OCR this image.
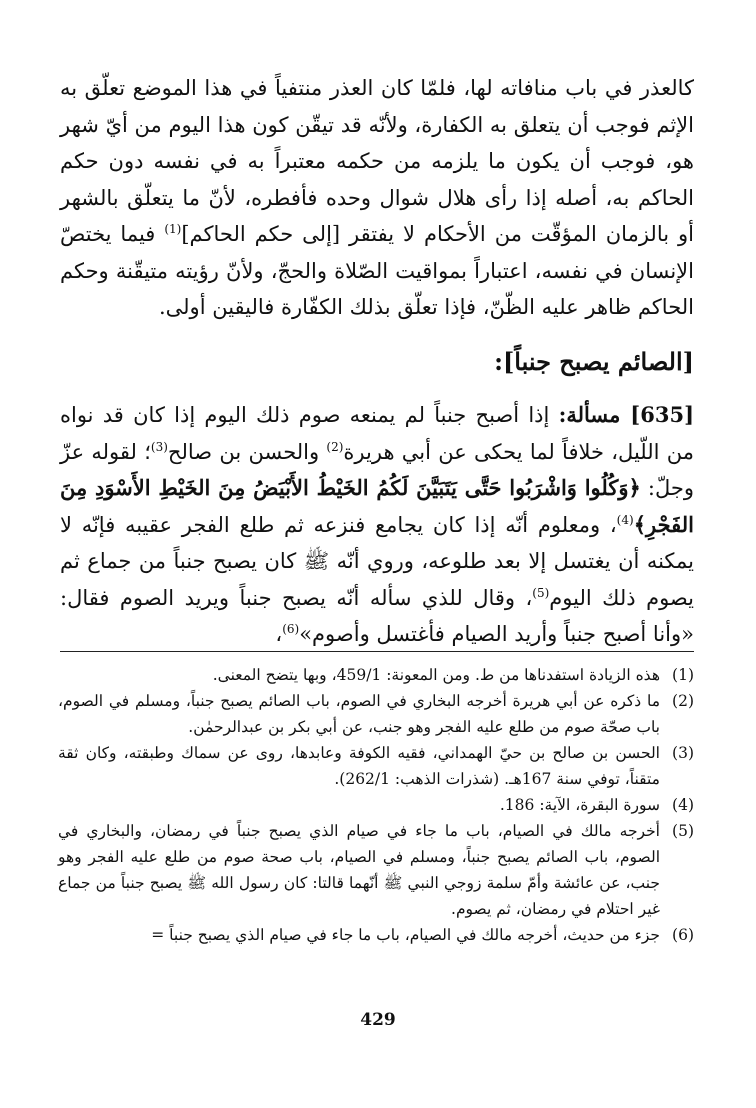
كالعذر في باب منافاته لها، فلمّا كان العذر منتفياً في هذا الموضع تعلّق به الإثم فوجب أن يتعلق به الكفارة، ولأنّه قد تيقّن كون هذا اليوم من أيّ شهر هو، فوجب أن يكون ما يلزمه من حكمه معتبراً به في نفسه دون حكم الحاكم به، أصله إذا رأى هلال شوال وحده فأفطره، لأنّ ما يتعلّق بالشهر أو بالزمان المؤقّت من الأحكام لا يفتقر [إلى حكم الحاكم]$^{(1)}$ فيما يختصّ الإنسان في نفسه، اعتباراً بمواقيت الصّلاة والحجّ، ولأنّ رؤيته متيقّنة وحكم الحاكم ظاهر عليه الظّنّ، فإذا تعلّق بذلك الكفّارة فاليقين أولى.

[الصائم يصبح جنباً]:

[635] مسألة: إذا أصبح جنباً لم يمنعه صوم ذلك اليوم إذا كان قد نواه من اللّيل، خلافاً لما يحكى عن أبي هريرة$^{(2)}$ والحسن بن صالح$^{(3)}$؛ لقوله عزّ وجلّ: ﴿وَكُلُوا وَاشْرَبُوا حَتَّى يَتَبَيَّنَ لَكُمُ الخَيْطُ الأَبْيَضُ مِنَ الخَيْطِ الأَسْوَدِ مِنَ الفَجْرِ﴾$^{(4)}$، ومعلوم أنّه إذا كان يجامع فنزعه ثم طلع الفجر عقيبه فإنّه لا يمكنه أن يغتسل إلا بعد طلوعه، وروي أنّه ﷺ كان يصبح جنباً من جماع ثم يصوم ذلك اليوم$^{(5)}$، وقال للذي سأله أنّه يصبح جنباً ويريد الصوم فقال: «وأنا أصبح جنباً وأريد الصيام فأغتسل وأصوم»$^{(6)}$،

(1)
هذه الزيادة استفدناها من ط. ومن المعونة: 459/1، وبها يتضح المعنى.
(2)
ما ذكره عن أبي هريرة أخرجه البخاري في الصوم، باب الصائم يصبح جنباً، ومسلم في الصوم، باب صحّة صوم من طلع عليه الفجر وهو جنب، عن أبي بكر بن عبدالرحمٰن.
(3)
الحسن بن صالح بن حيّ الهمداني، فقيه الكوفة وعابدها، روى عن سماك وطبقته، وكان ثقة متقناً، توفي سنة 167هـ. (شذرات الذهب: 262/1).
(4)
سورة البقرة، الآية: 186.
(5)
أخرجه مالك في الصيام، باب ما جاء في صيام الذي يصبح جنباً في رمضان، والبخاري في الصوم، باب الصائم يصبح جنباً، ومسلم في الصيام، باب صحة صوم من طلع عليه الفجر وهو جنب، عن عائشة وأمّ سلمة زوجي النبي ﷺ أنّهما قالتا: كان رسول الله ﷺ يصبح جنباً من جماع غير احتلام في رمضان، ثم يصوم.
(6)
جزء من حديث، أخرجه مالك في الصيام، باب ما جاء في صيام الذي يصبح جنباً =
429
